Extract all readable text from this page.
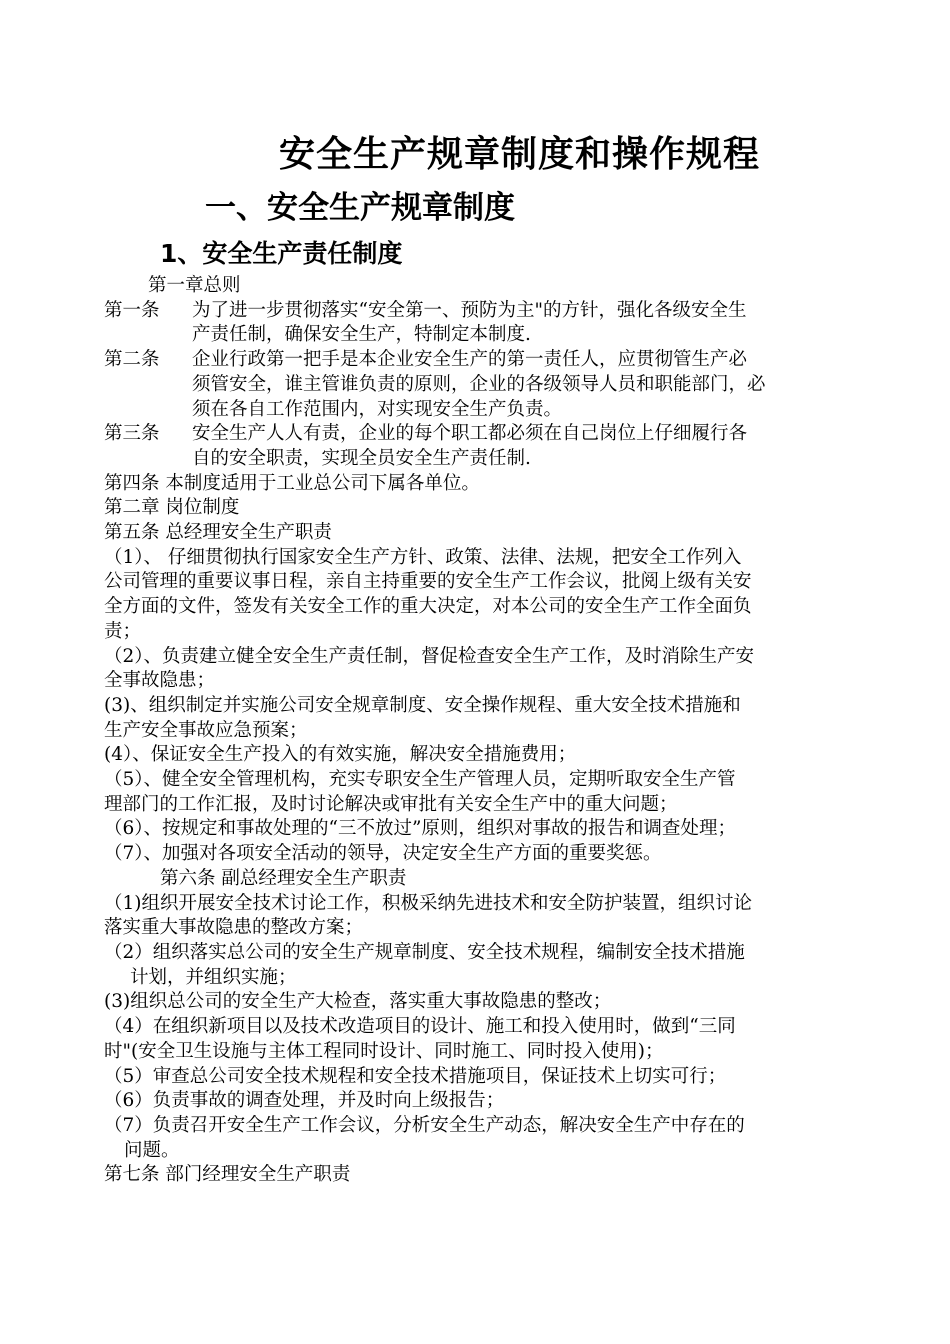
安全生产规章制度和操作规程
一、安全生产规章制度
1、安全生产责任制度
第一章总则
第一条	为了进一步贯彻落实“安全第一、预防为主"的方针，强化各级安全生
产责任制，确保安全生产，特制定本制度.
第二条	企业行政第一把手是本企业安全生产的第一责任人，应贯彻管生产必
须管安全，谁主管谁负责的原则，企业的各级领导人员和职能部门，必
须在各自工作范围内，对实现安全生产负责。
第三条	安全生产人人有责，企业的每个职工都必须在自己岗位上仔细履行各
自的安全职责，实现全员安全生产责任制.
第四条 本制度适用于工业总公司下属各单位。
第二章 岗位制度
第五条 总经理安全生产职责
（1）、 仔细贯彻执行国家安全生产方针、政策、法律、法规，把安全工作列入
公司管理的重要议事日程，亲自主持重要的安全生产工作会议，批阅上级有关安
全方面的文件，签发有关安全工作的重大决定，对本公司的安全生产工作全面负
责；
（2）、负责建立健全安全生产责任制，督促检查安全生产工作，及时消除生产安
全事故隐患；
(3)、组织制定并实施公司安全规章制度、安全操作规程、重大安全技术措施和
生产安全事故应急预案；
(4）、保证安全生产投入的有效实施，解决安全措施费用；
（5）、健全安全管理机构，充实专职安全生产管理人员，定期听取安全生产管
理部门的工作汇报，及时讨论解决或审批有关安全生产中的重大问题；
（6）、按规定和事故处理的“三不放过”原则，组织对事故的报告和调查处理；
（7）、加强对各项安全活动的领导，决定安全生产方面的重要奖惩。
第六条 副总经理安全生产职责
（1)组织开展安全技术讨论工作，积极采纳先进技术和安全防护装置，组织讨论
落实重大事故隐患的整改方案；
（2）组织落实总公司的安全生产规章制度、安全技术规程，编制安全技术措施
计划，并组织实施；
(3)组织总公司的安全生产大检查，落实重大事故隐患的整改；
（4）在组织新项目以及技术改造项目的设计、施工和投入使用时，做到“三同
时"(安全卫生设施与主体工程同时设计、同时施工、同时投入使用)；
（5）审查总公司安全技术规程和安全技术措施项目，保证技术上切实可行；
（6）负责事故的调查处理，并及时向上级报告；
（7）负责召开安全生产工作会议，分析安全生产动态，解决安全生产中存在的
问题。
第七条 部门经理安全生产职责
